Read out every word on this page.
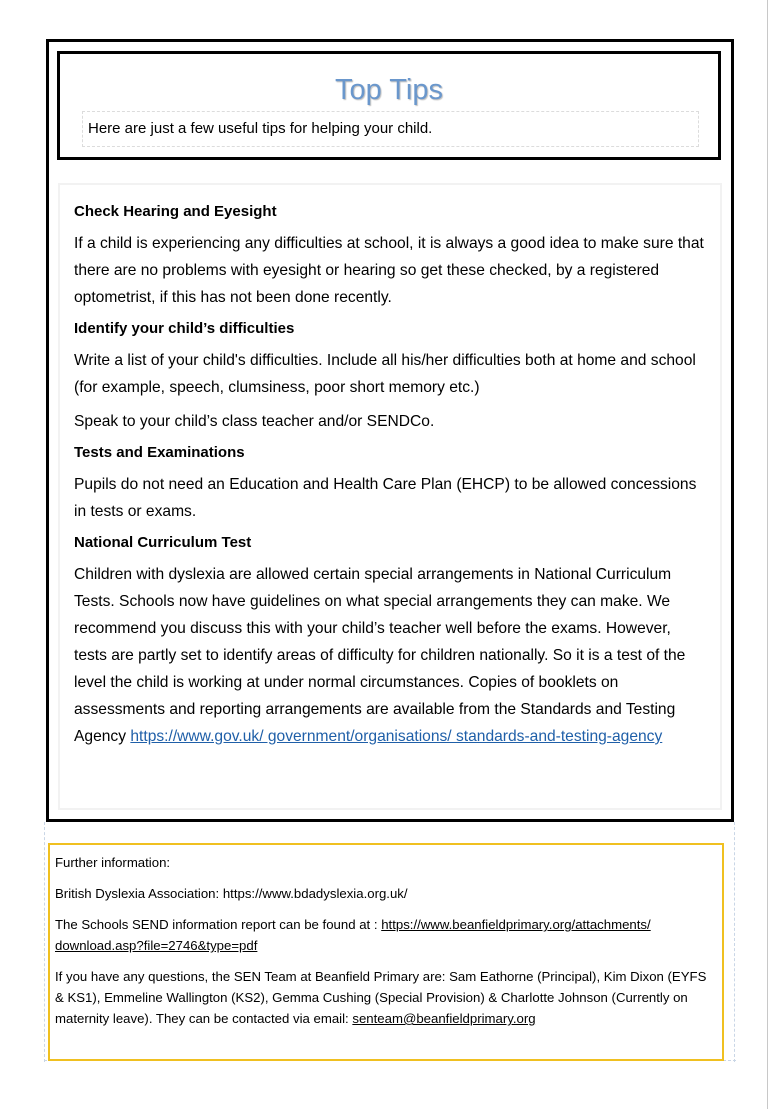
Top Tips
Here are just a few useful tips for helping your child.
Check Hearing and Eyesight

If a child is experiencing any difficulties at school, it is always a good idea to make sure that there are no problems with eyesight or hearing so get these checked, by a registered optometrist, if this has not been done recently.

Identify your child’s difficulties

Write a list of your child's difficulties. Include all his/her difficulties both at home and school (for example, speech, clumsiness, poor short memory etc.)

Speak to your child’s class teacher and/or SENDCo.

Tests and Examinations

Pupils do not need an Education and Health Care Plan (EHCP) to be allowed concessions in tests or exams.

National Curriculum Test

Children with dyslexia are allowed certain special arrangements in National Curriculum Tests. Schools now have guidelines on what special arrangements they can make. We recommend you discuss this with your child’s teacher well before the exams. However, tests are partly set to identify areas of difficulty for children nationally. So it is a test of the level the child is working at under normal circumstances. Copies of booklets on assessments and reporting arrangements are available from the Standards and Testing Agency https://www.gov.uk/ government/organisations/ standards-and-testing-agency

Further information:

British Dyslexia Association: https://www.bdadyslexia.org.uk/

The Schools SEND information report can be found at : https://www.beanfieldprimary.org/attachments/ download.asp?file=2746&type=pdf

If you have any questions, the SEN Team at Beanfield Primary are: Sam Eathorne (Principal), Kim Dixon (EYFS & KS1), Emmeline Wallington (KS2), Gemma Cushing (Special Provision) & Charlotte Johnson (Currently on maternity leave). They can be contacted via email: senteam@beanfieldprimary.org
